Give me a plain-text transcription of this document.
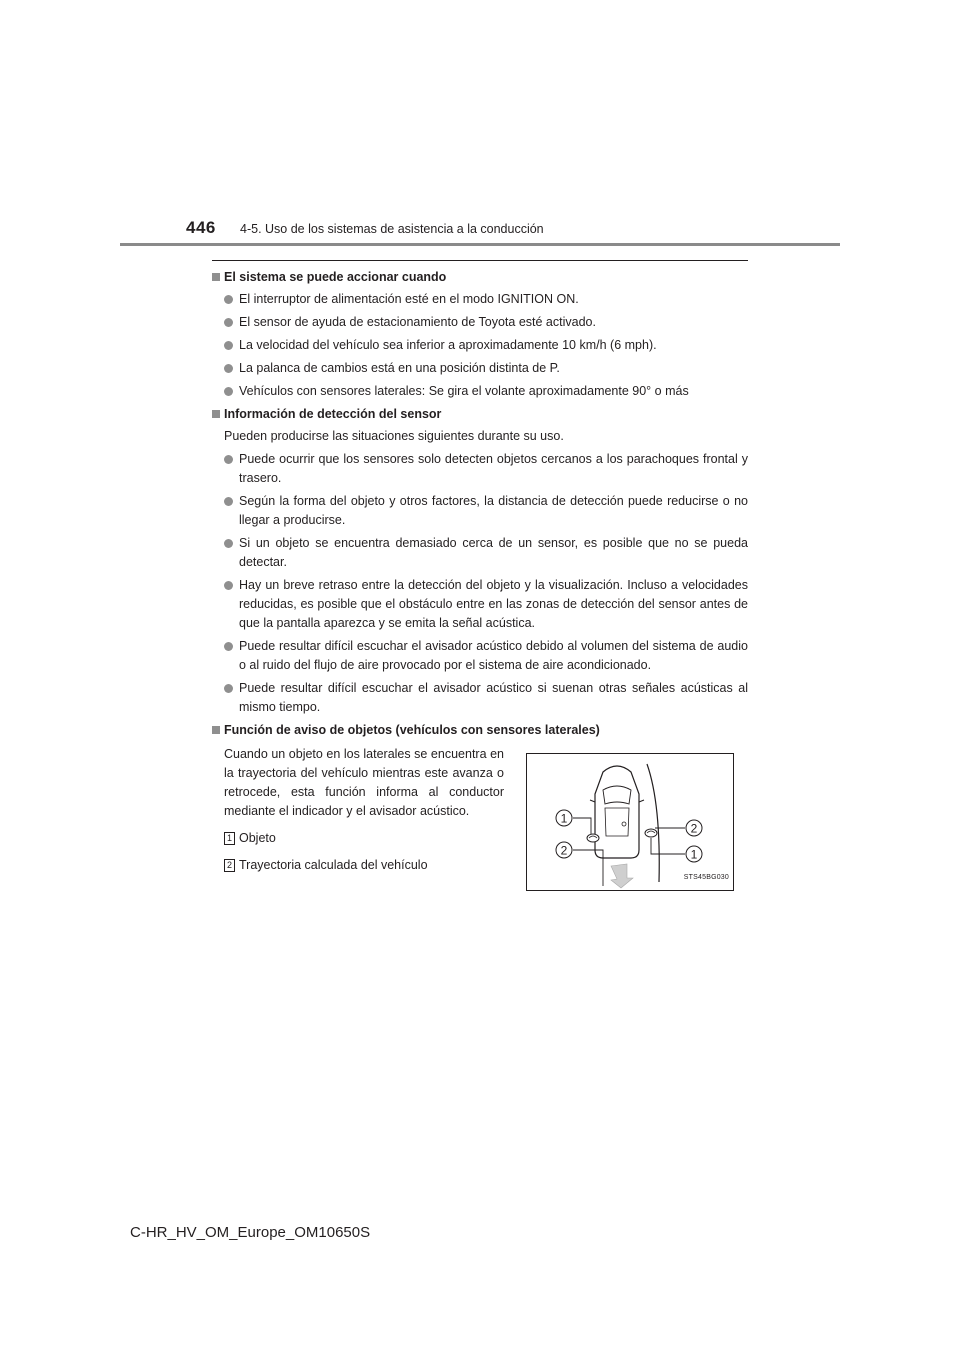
446 4-5. Uso de los sistemas de asistencia a la conducción
El sistema se puede accionar cuando
El interruptor de alimentación esté en el modo IGNITION ON.
El sensor de ayuda de estacionamiento de Toyota esté activado.
La velocidad del vehículo sea inferior a aproximadamente 10 km/h (6 mph).
La palanca de cambios está en una posición distinta de P.
Vehículos con sensores laterales: Se gira el volante aproximadamente 90° o más
Información de detección del sensor
Pueden producirse las situaciones siguientes durante su uso.
Puede ocurrir que los sensores solo detecten objetos cercanos a los parachoques frontal y trasero.
Según la forma del objeto y otros factores, la distancia de detección puede reducirse o no llegar a producirse.
Si un objeto se encuentra demasiado cerca de un sensor, es posible que no se pueda detectar.
Hay un breve retraso entre la detección del objeto y la visualización. Incluso a velocidades reducidas, es posible que el obstáculo entre en las zonas de detección del sensor antes de que la pantalla aparezca y se emita la señal acústica.
Puede resultar difícil escuchar el avisador acústico debido al volumen del sistema de audio o al ruido del flujo de aire provocado por el sistema de aire acondicionado.
Puede resultar difícil escuchar el avisador acústico si suenan otras señales acústicas al mismo tiempo.
Función de aviso de objetos (vehículos con sensores laterales)
Cuando un objeto en los laterales se encuentra en la trayectoria del vehículo mientras este avanza o retrocede, esta función informa al conductor mediante el indicador y el avisador acústico.
1 Objeto
2 Trayectoria calculada del vehículo
1
2
2
1
STS45BG030
C-HR_HV_OM_Europe_OM10650S
